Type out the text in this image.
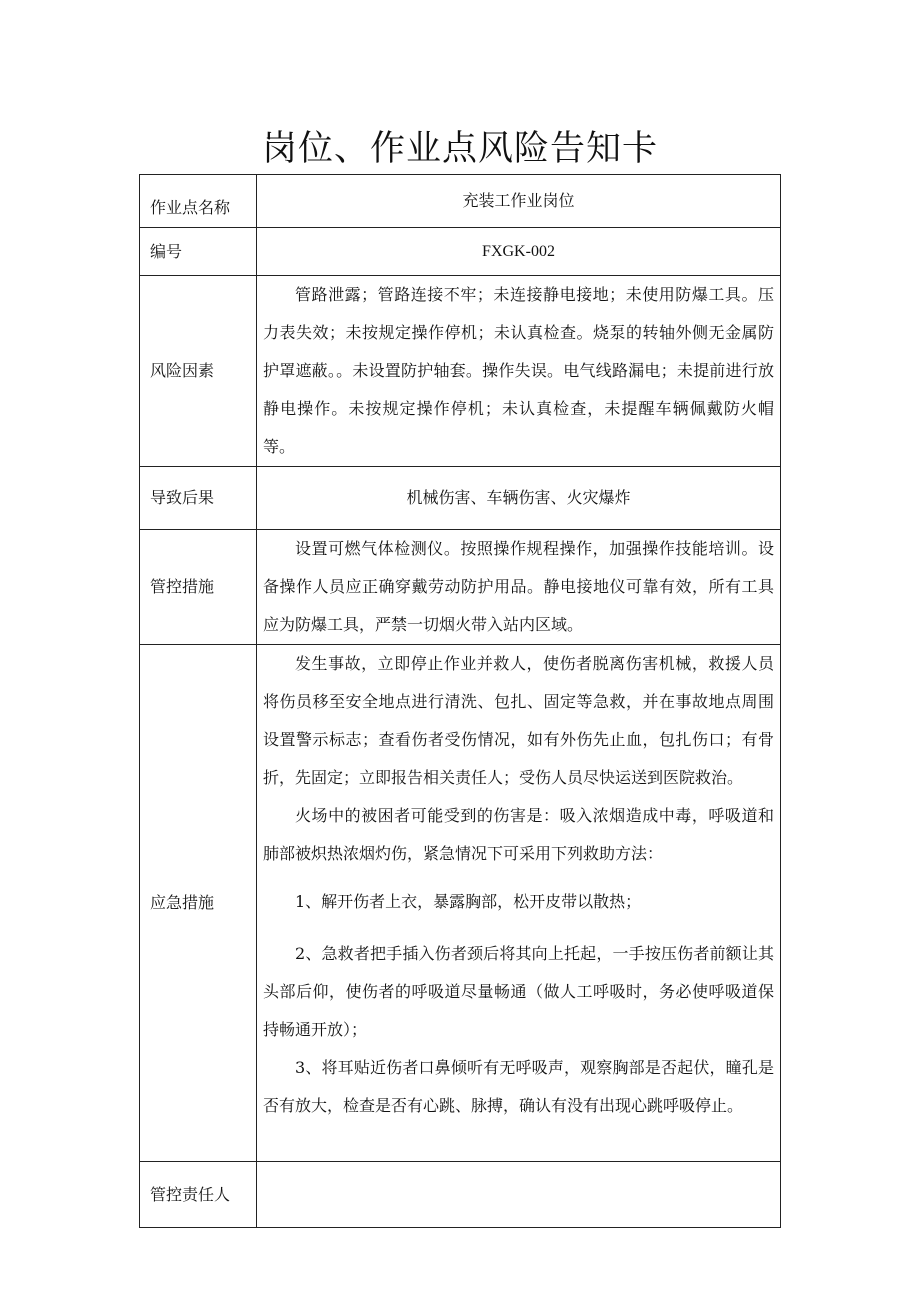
岗位、作业点风险告知卡
作业点名称	充装工作业岗位
编号	FXGK-002
风险因素	管路泄露；管路连接不牢；未连接静电接地；未使用防爆工具。压力表失效；未按规定操作停机；未认真检查。烧泵的转轴外侧无金属防护罩遮蔽。。未设置防护轴套。操作失误。电气线路漏电；未提前进行放静电操作。未按规定操作停机；未认真检查，未提醒车辆佩戴防火帽等。

导致后果	机械伤害、车辆伤害、火灾爆炸
管控措施	设置可燃气体检测仪。按照操作规程操作，加强操作技能培训。设备操作人员应正确穿戴劳动防护用品。静电接地仪可靠有效，所有工具应为防爆工具，严禁一切烟火带入站内区域。

应急措施	发生事故，立即停止作业并救人，使伤者脱离伤害机械，救援人员将伤员移至安全地点进行清洗、包扎、固定等急救，并在事故地点周围设置警示标志；查看伤者受伤情况，如有外伤先止血，包扎伤口；有骨折，先固定；立即报告相关责任人；受伤人员尽快运送到医院救治。

火场中的被困者可能受到的伤害是：吸入浓烟造成中毒，呼吸道和肺部被炽热浓烟灼伤，紧急情况下可采用下列救助方法：

1、解开伤者上衣，暴露胸部，松开皮带以散热；

2、急救者把手插入伤者颈后将其向上托起，一手按压伤者前额让其头部后仰，使伤者的呼吸道尽量畅通（做人工呼吸时，务必使呼吸道保持畅通开放）；

3、将耳贴近伤者口鼻倾听有无呼吸声，观察胸部是否起伏，瞳孔是否有放大，检查是否有心跳、脉搏，确认有没有出现心跳呼吸停止。

管控责任人	
